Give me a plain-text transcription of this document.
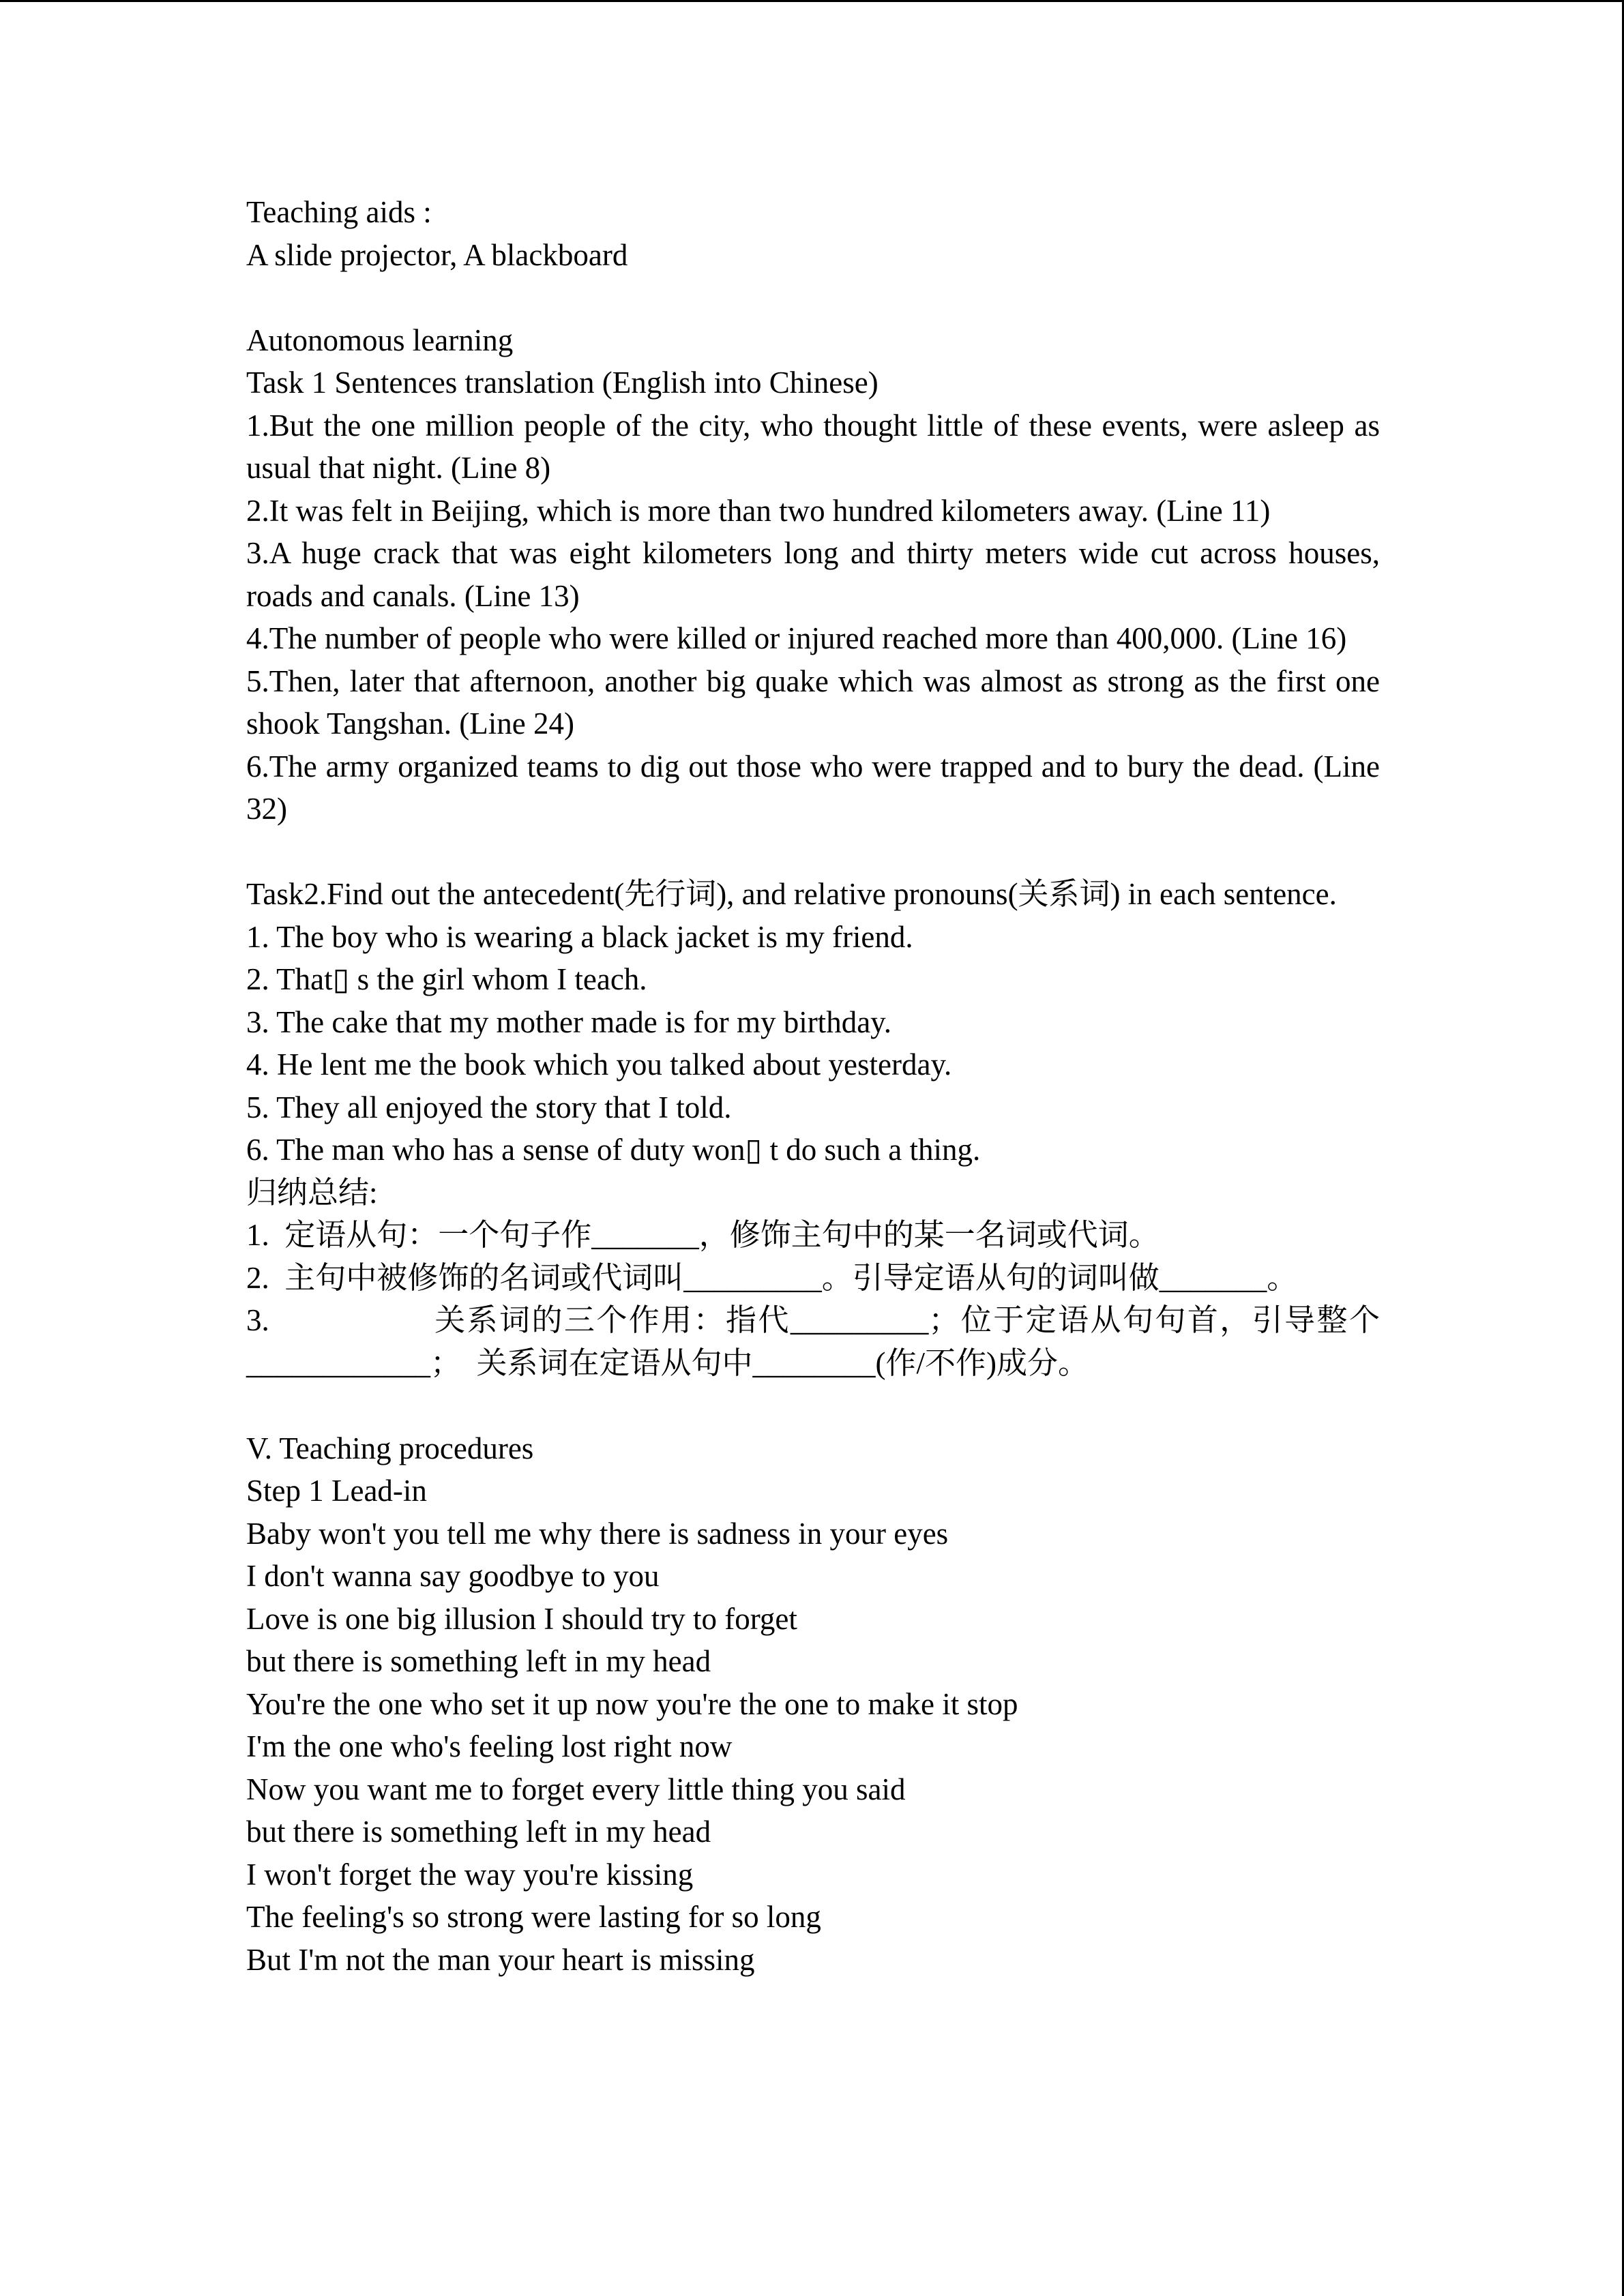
Teaching aids :
A slide projector, A blackboard
Autonomous learning
Task 1 Sentences translation (English into Chinese)
1.But the one million people of the city, who thought little of these events, were asleep as usual that night. (Line 8)
2.It was felt in Beijing, which is more than two hundred kilometers away. (Line 11)
3.A huge crack that was eight kilometers long and thirty meters wide cut across houses, roads and canals. (Line 13)
4.The number of people who were killed or injured reached more than 400,000. (Line 16)
5.Then, later that afternoon, another big quake which was almost as strong as the first one shook Tangshan. (Line 24)
6.The army organized teams to dig out those who were trapped and to bury the dead. (Line 32)
Task2.Find out the antecedent(先行词), and relative pronouns(关系词) in each sentence.
1. The boy who is wearing a black jacket is my friend.
2. That▯ s the girl whom I teach.
3. The cake that my mother made is for my birthday.
4. He lent me the book which you talked about yesterday.
5. They all enjoyed the story that I told.
6. The man who has a sense of duty won▯ t do such a thing.
归纳总结:
1.  定语从句：一个句子作_______，修饰主句中的某一名词或代词。
2.  主句中被修饰的名词或代词叫_________。引导定语从句的词叫做_______。
3.	关系词的三个作用：指代_________；位于定语从句句首，引导整个____________；  关系词在定语从句中________(作/不作)成分。
V. Teaching procedures
Step 1 Lead-in
Baby won't you tell me why there is sadness in your eyes
I don't wanna say goodbye to you
Love is one big illusion I should try to forget
but there is something left in my head
You're the one who set it up now you're the one to make it stop
I'm the one who's feeling lost right now
Now you want me to forget every little thing you said
but there is something left in my head
I won't forget the way you're kissing
The feeling's so strong were lasting for so long
But I'm not the man your heart is missing
